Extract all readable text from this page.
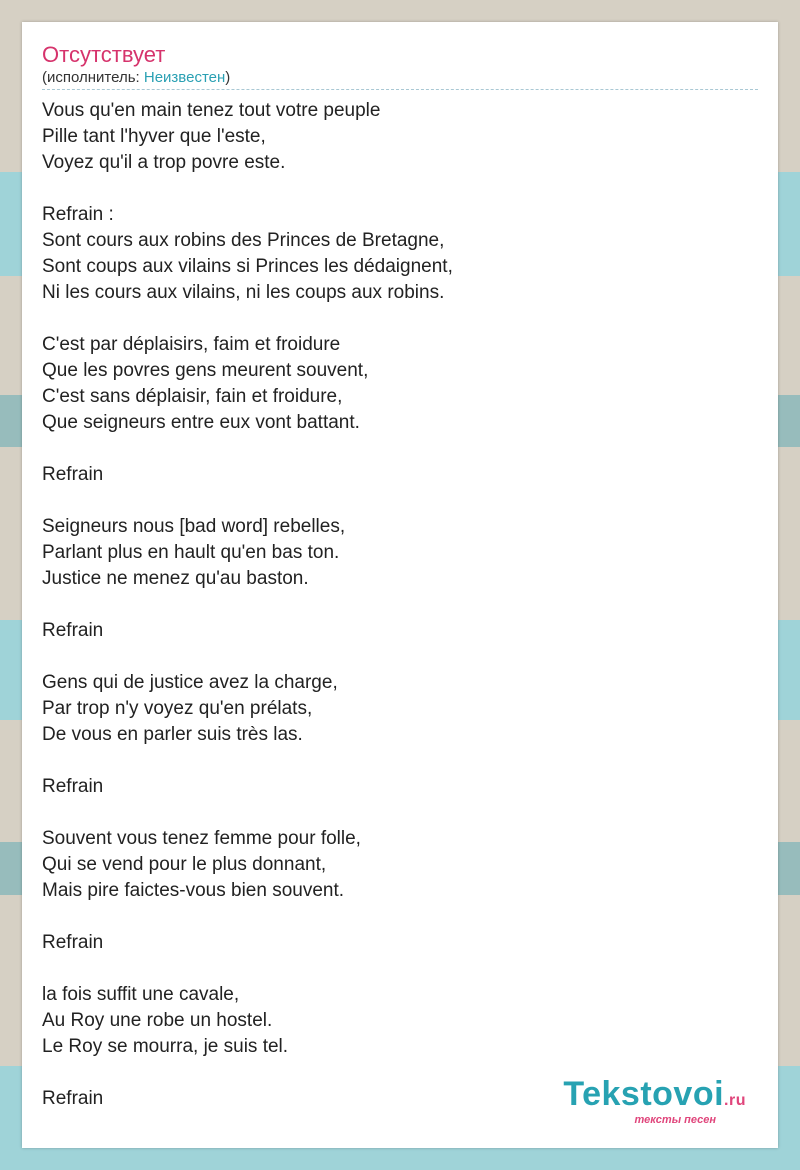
Отсутствует
(исполнитель: Неизвестен)
Vous qu'en main tenez tout votre peuple
Pille tant l'hyver que l'este,
Voyez qu'il a trop povre este.
Refrain :
Sont cours aux robins des Princes de Bretagne,
Sont coups aux vilains si Princes les dédaignent,
Ni les cours aux vilains, ni les coups aux robins.
C'est par déplaisirs, faim et froidure
Que les povres gens meurent souvent,
C'est sans déplaisir, fain et froidure,
Que seigneurs entre eux vont battant.
Refrain
Seigneurs nous [bad word] rebelles,
Parlant plus en hault qu'en bas ton.
Justice ne menez qu'au baston.
Refrain
Gens qui de justice avez la charge,
Par trop n'y voyez qu'en prélats,
De vous en parler suis très las.
Refrain
Souvent vous tenez femme pour folle,
Qui se vend pour le plus donnant,
Mais pire faictes-vous bien souvent.
Refrain
la fois suffit une cavale,
Au Roy une robe un hostel.
Le Roy se mourra, je suis tel.
Refrain	Tekstovoi.ru
тексты песен
